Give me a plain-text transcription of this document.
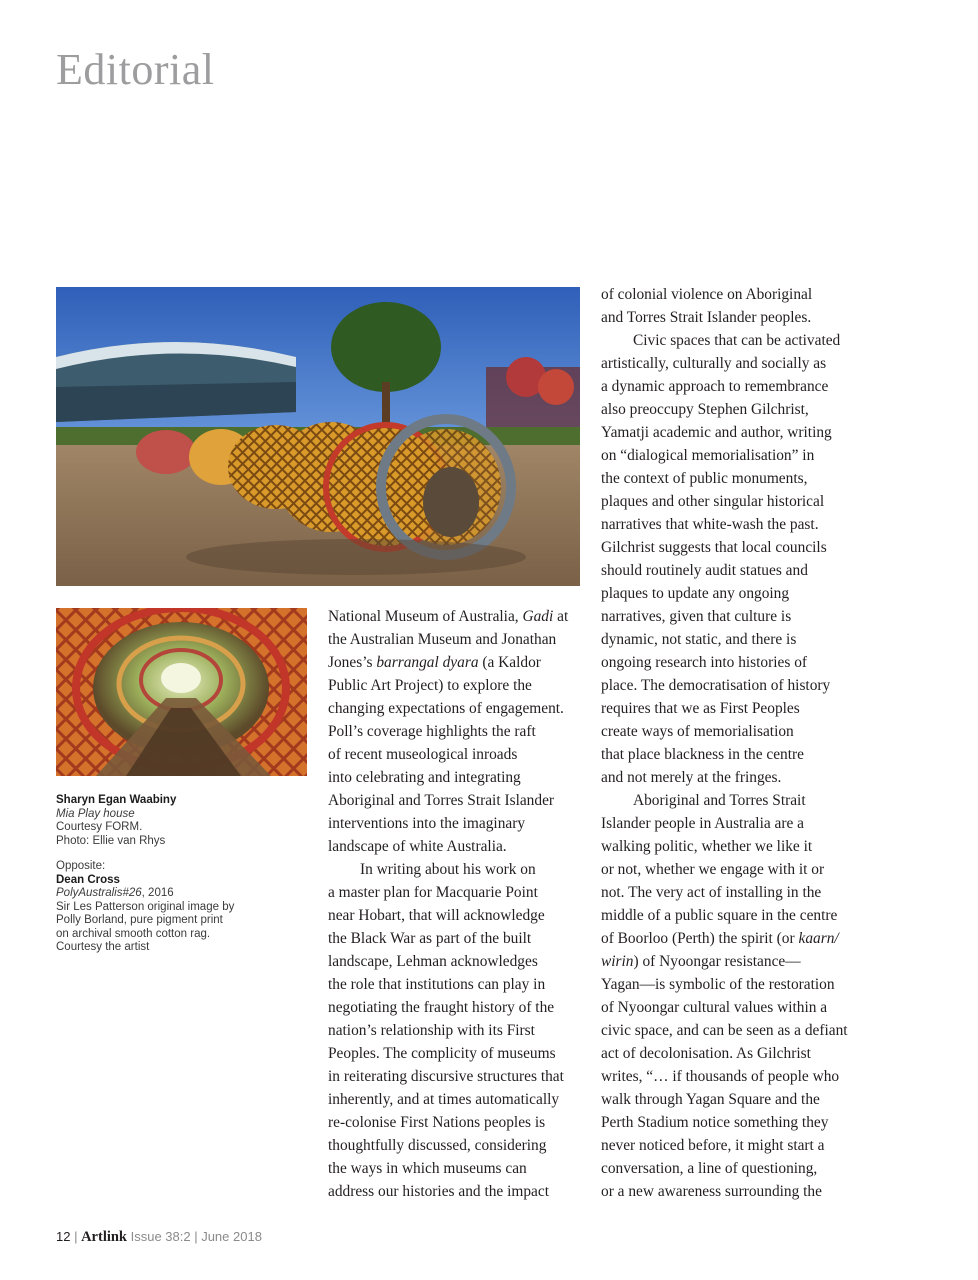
Editorial
Sharyn Egan Waabiny
Mia Play house
Courtesy FORM.
Photo: Ellie van Rhys
Opposite:
Dean Cross
PolyAustralis#26, 2016
Sir Les Patterson original image by
Polly Borland, pure pigment print
on archival smooth cotton rag.
Courtesy the artist
National Museum of Australia, Gadi at
the Australian Museum and Jonathan
Jones’s barrangal dyara (a Kaldor
Public Art Project) to explore the
changing expectations of engagement.
Poll’s coverage highlights the raft
of recent museological inroads
into celebrating and integrating
Aboriginal and Torres Strait Islander
interventions into the imaginary
landscape of white Australia.
In writing about his work on
a master plan for Macquarie Point
near Hobart, that will acknowledge
the Black War as part of the built
landscape, Lehman acknowledges
the role that institutions can play in
negotiating the fraught history of the
nation’s relationship with its First
Peoples. The complicity of museums
in reiterating discursive structures that
inherently, and at times automatically
re-colonise First Nations peoples is
thoughtfully discussed, considering
the ways in which museums can
address our histories and the impact
of colonial violence on Aboriginal
and Torres Strait Islander peoples.
Civic spaces that can be activated
artistically, culturally and socially as
a dynamic approach to remembrance
also preoccupy Stephen Gilchrist,
Yamatji academic and author, writing
on “dialogical memorialisation” in
the context of public monuments,
plaques and other singular historical
narratives that white-wash the past.
Gilchrist suggests that local councils
should routinely audit statues and
plaques to update any ongoing
narratives, given that culture is
dynamic, not static, and there is
ongoing research into histories of
place. The democratisation of history
requires that we as First Peoples
create ways of memorialisation
that place blackness in the centre
and not merely at the fringes.
Aboriginal and Torres Strait
Islander people in Australia are a
walking politic, whether we like it
or not, whether we engage with it or
not. The very act of installing in the
middle of a public square in the centre
of Boorloo (Perth) the spirit (or kaarn/
wirin) of Nyoongar resistance—
Yagan—is symbolic of the restoration
of Nyoongar cultural values within a
civic space, and can be seen as a defiant
act of decolonisation. As Gilchrist
writes, “… if thousands of people who
walk through Yagan Square and the
Perth Stadium notice something they
never noticed before, it might start a
conversation, a line of questioning,
or a new awareness surrounding the
12 | Artlink Issue 38:2 | June 2018
